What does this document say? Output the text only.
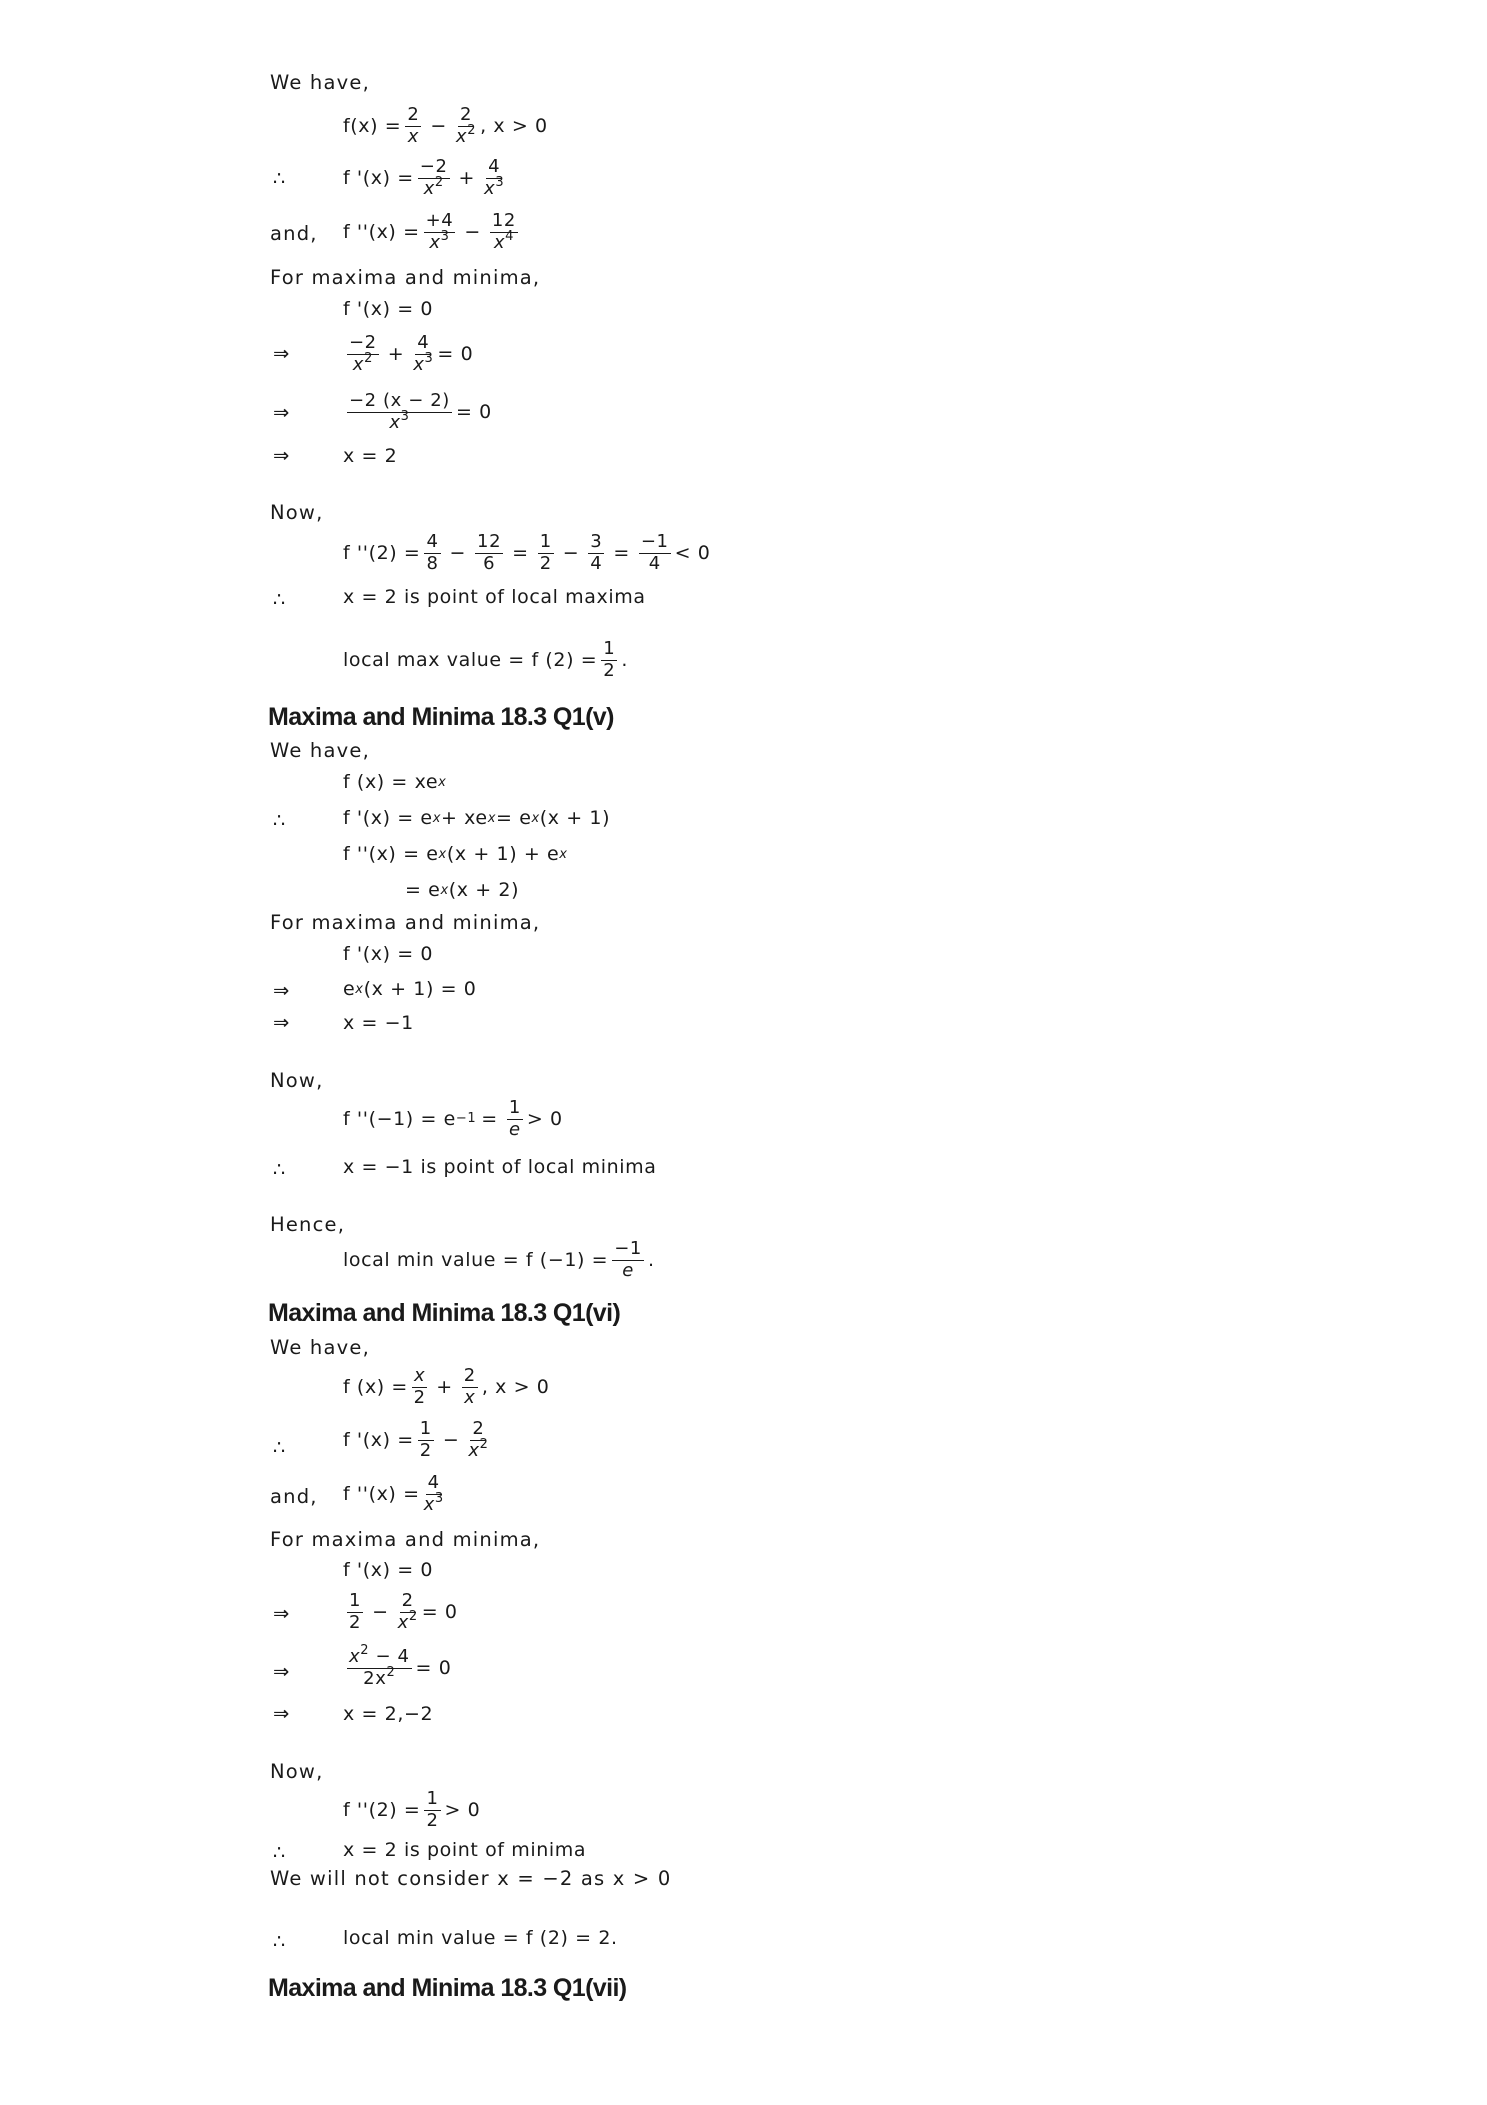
We have,
$f(x) = \frac{2}{x} - \frac{2}{x^2}$ , x > 0
∴	f '$(x) = \frac{-2}{x^2} + \frac{4}{x^3}$
and, f ''$(x) = \frac{+4}{x^3} - \frac{12}{x^4}$
For maxima and minima,
f '(x) = 0
⇒	−2
$x^2 + \frac{4}{x^3} = 0$
⇒	$\frac{-2 (x - 2)}{x^3} = 0$
⇒	x = 2
Now,
f ''$(2) = \frac{4}{8} - \frac{12}{6} = \frac{1}{2} - \frac{3}{4} = \frac{-1}{4} < 0$
∴	x = 2 is point of local maxima
local max value = f $(2) = \frac{1}{2}$ .
Maxima and Minima 18.3 Q1(v)
We have,
f (x) = xe x
∴	f '(x) = e x + xe x = e x (x + 1)
f ''(x) = e x (x + 1) + e x
= e x (x + 2)
For maxima and minima,
f '(x) = 0
⇒	e x (x + 1) = 0
⇒	x = −1
Now,
f ''$(-1) = e -1 = \frac{1}{e} > 0$
∴	x = −1 is point of local minima
Hence,
local min value = f $(-1) = \frac{-1}{e}$ .
Maxima and Minima 18.3 Q1(vi)
We have,
f $(x) = \frac{x}{2} + \frac{2}{x}$ , x > 0
∴	f '$(x) = \frac{1}{2} - \frac{2}{x^2}$
and, f ''$(x) = \frac{4}{x^3}$
For maxima and minima,
f '(x) = 0
⇒
1
$2 - \frac{2}{x^2} = 0$
⇒	$\frac{x^2 - 4}{2x^2} = 0$
⇒	x = 2,−2
Now,
f ''$(2) = \frac{1}{2} > 0$
∴	x = 2 is point of minima
We will not consider x = −2 as x > 0
∴	local min value = f (2) = 2.
Maxima and Minima 18.3 Q1(vii)
